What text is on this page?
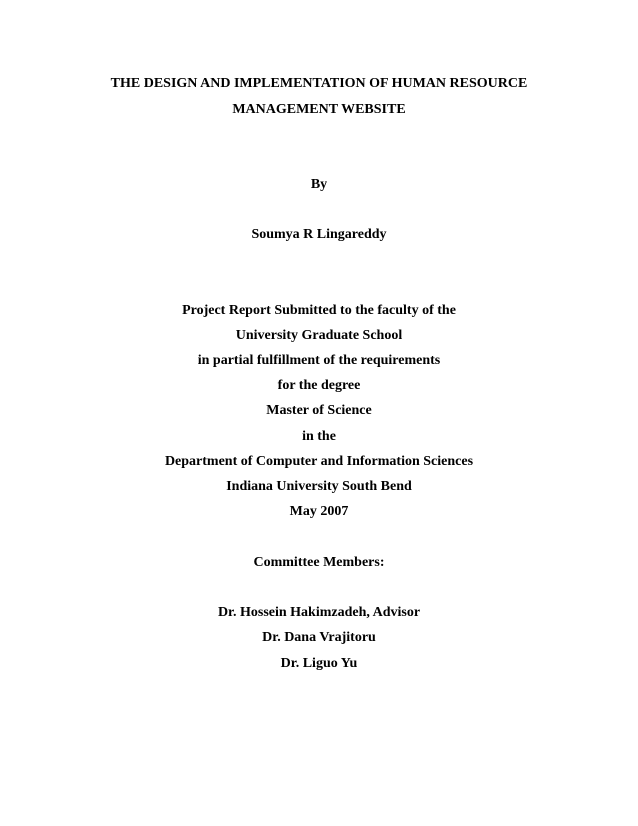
THE DESIGN AND IMPLEMENTATION OF HUMAN RESOURCE
MANAGEMENT WEBSITE
By
Soumya R Lingareddy
Project Report Submitted to the faculty of the
University Graduate School
in partial fulfillment of the requirements
for the degree
Master of Science
in the
Department of Computer and Information Sciences
Indiana University South Bend
May 2007
Committee Members:
Dr. Hossein Hakimzadeh, Advisor
Dr. Dana Vrajitoru
Dr. Liguo Yu
